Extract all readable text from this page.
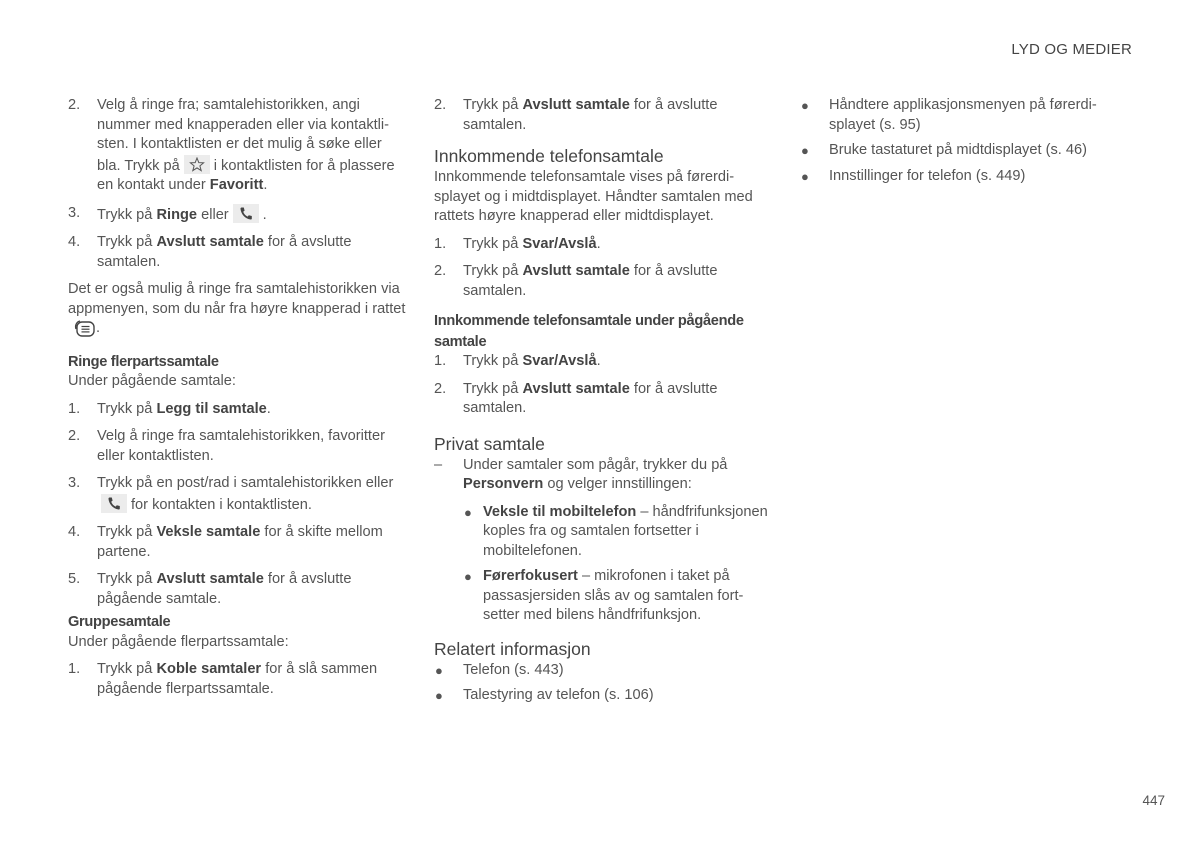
LYD OG MEDIER
2. Velg å ringe fra; samtalehistorikken, angi nummer med knapperaden eller via kontaktlisten. I kontaktlisten er det mulig å søke eller bla. Trykk på i kontaktlisten for å plassere en kontakt under Favoritt.

3. Trykk på Ringe eller .

4. Trykk på Avslutt samtale for å avslutte samtalen.

Det er også mulig å ringe fra samtalehistorikken via appmenyen, som du når fra høyre knapperad i rattet.

Ringe flerpartssamtale

Under pågående samtale:

1. Trykk på Legg til samtale.

2. Velg å ringe fra samtalehistorikken, favoritter eller kontaktlisten.

3. Trykk på en post/rad i samtalehistorikken eller
for kontakten i kontaktlisten.

4. Trykk på Veksle samtale for å skifte mellom partene.

5. Trykk på Avslutt samtale for å avslutte pågående samtale.

Gruppesamtale

Under pågående flerpartssamtale:

1. Trykk på Koble samtaler for å slå sammen pågående flerpartssamtale.

2. Trykk på Avslutt samtale for å avslutte samtalen.

Innkommende telefonsamtale

Innkommende telefonsamtale vises på førerdisplayet og i midtdisplayet. Håndter samtalen med rattets høyre knapperad eller midtdisplayet.

1. Trykk på Svar/Avslå.

2. Trykk på Avslutt samtale for å avslutte samtalen.

Innkommende telefonsamtale under pågående samtale

1. Trykk på Svar/Avslå.

2. Trykk på Avslutt samtale for å avslutte samtalen.

Privat samtale

– Under samtaler som pågår, trykker du på Personvern og velger innstillingen:

● Veksle til mobiltelefon – håndfrifunksjonen koples fra og samtalen fortsetter i mobiltelefonen.

● Førerfokusert – mikrofonen i taket på passasjersiden slås av og samtalen fortsetter med bilens håndfrifunksjon.

Relatert informasjon

● Telefon (s. 443)

● Talestyring av telefon (s. 106)

● Håndtere applikasjonsmenyen på førerdisplayet (s. 95)

● Bruke tastaturet på midtdisplayet (s. 46)

● Innstillinger for telefon (s. 449)

447
